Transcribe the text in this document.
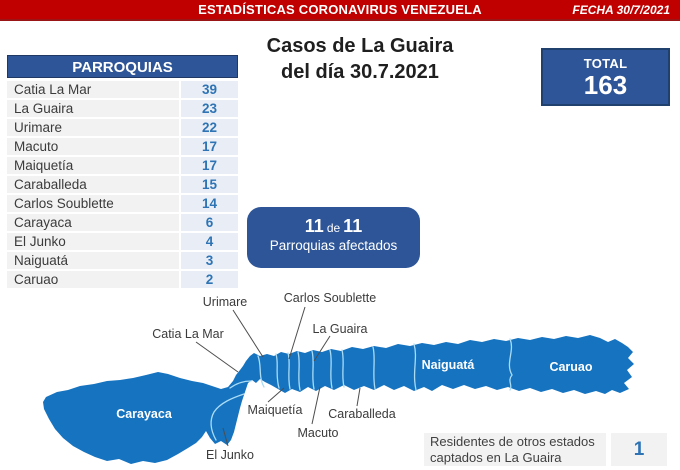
ESTADÍSTICAS CORONAVIRUS VENEZUELA	FECHA 30/7/2021
Casos de La Guaira
del día 30.7.2021	TOTAL
163
PARROQUIAS
Catia La Mar	39
La Guaira	23
Urimare	22
Macuto	17
Maiquetía	17
Caraballeda	15
Carlos Soublette	14
Carayaca	6
El Junko	4
Naiguatá	3
Caruao	2
11 de 11
Parroquias afectados
Urimare	Carlos Soublette
Catia La Mar	La Guaira
Maiquetía
Macuto
Caraballeda
El Junko
Carayaca
Naiguatá	Caruao
Residentes de otros estados
captados en La Guaira	1
